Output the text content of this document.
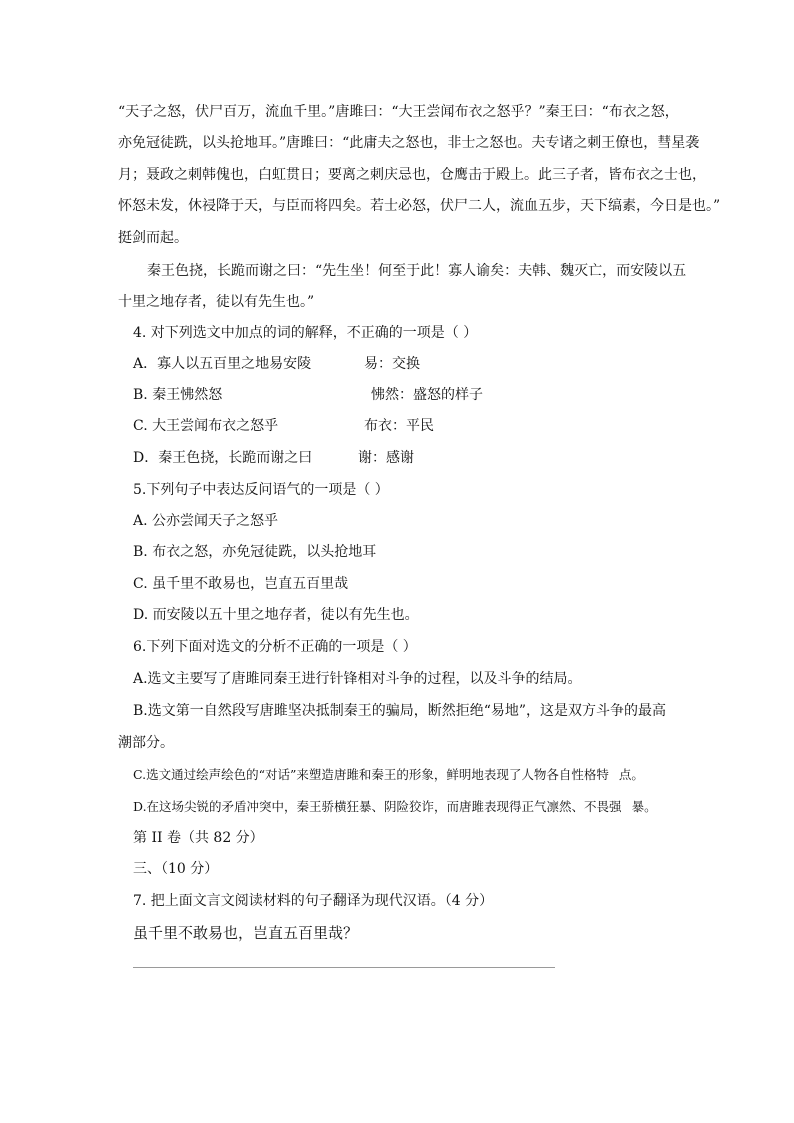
“天子之怒，伏尸百万，流血千里。”唐雎曰：“大王尝闻布衣之怒乎？”秦王曰：“布衣之怒，
亦免冠徒跣，以头抢地耳。”唐雎曰：“此庸夫之怒也，非士之怒也。夫专诸之刺王僚也，彗星袭
月；聂政之刺韩傀也，白虹贯日；要离之刺庆忌也，仓鹰击于殿上。此三子者，皆布衣之士也，
怀怒未发，休祲降于天，与臣而将四矣。若士必怒，伏尸二人，流血五步，天下缟素，今日是也。”
挺剑而起。
秦王色挠，长跪而谢之曰：“先生坐！何至于此！寡人谕矣：夫韩、魏灭亡，而安陵以五
十里之地存者，徒以有先生也。”
4. 对下列选文中加点的词的解释，不正确的一项是（ ）
A．寡人以五百里之地易安陵	易：交换
B. 秦王怫然怒	怫然：盛怒的样子
C. 大王尝闻布衣之怒乎	布衣：平民
D．秦王色挠，长跪而谢之曰	谢：感谢
5.下列句子中表达反问语气的一项是（ ）
A. 公亦尝闻天子之怒乎
B. 布衣之怒，亦免冠徒跣，以头抢地耳
C. 虽千里不敢易也，岂直五百里哉
D. 而安陵以五十里之地存者，徒以有先生也。
6.下列下面对选文的分析不正确的一项是（ ）
A.选文主要写了唐雎同秦王进行针锋相对斗争的过程，以及斗争的结局。
B.选文第一自然段写唐雎坚决抵制秦王的骗局，断然拒绝“易地”，这是双方斗争的最高
潮部分。
C.选文通过绘声绘色的“对话”来塑造唐雎和秦王的形象，鲜明地表现了人物各自性格特 点。
D.在这场尖锐的矛盾冲突中，秦王骄横狂暴、阴险狡诈，而唐雎表现得正气凛然、不畏强 暴。
第 II 卷（共 82 分）
三、（10 分）
7. 把上面文言文阅读材料的句子翻译为现代汉语。（4 分）
虽千里不敢易也，岂直五百里哉？
